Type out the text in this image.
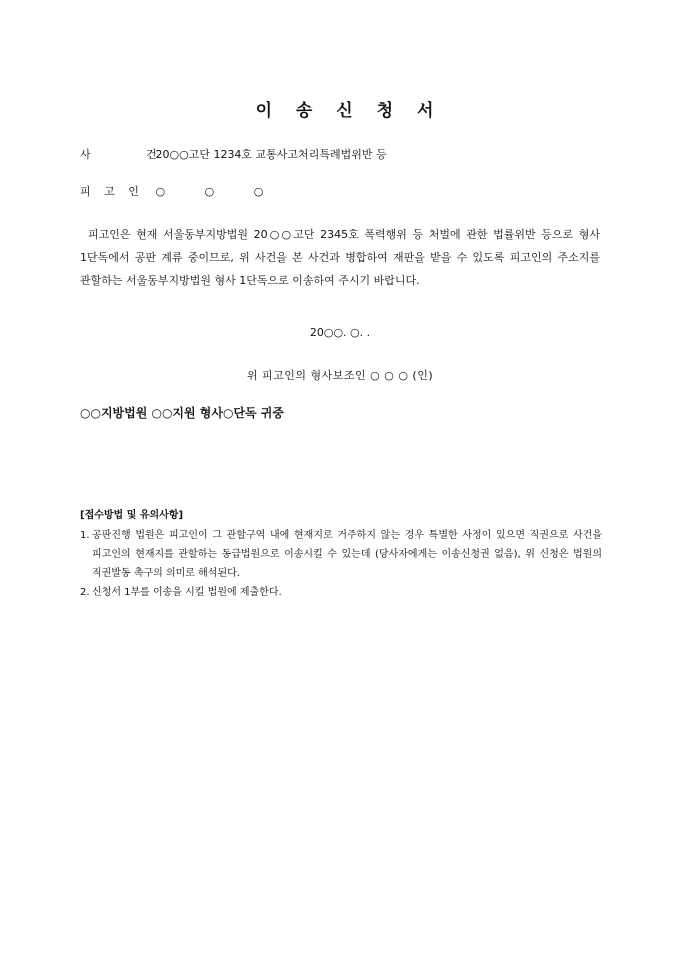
이 송 신 청 서
사 건 20○○고단 1234호 교통사고처리특례법위반 등
피 고 인 ○ ○ ○
피고인은 현재 서울동부지방법원 20○○고단 2345호 폭력행위 등 처벌에 관한 법률위반 등으로 형사 1단독에서 공판 계류 중이므로, 위 사건을 본 사건과 병합하여 재판을 받을 수 있도록 피고인의 주소지를 관할하는 서울동부지방법원 형사 1단독으로 이송하여 주시기 바랍니다.
20○○. ○. .
위 피고인의 형사보조인 ○ ○ ○ (인)
○○지방법원 ○○지원 형사○단독 귀중
[접수방법 및 유의사항]
1. 공판진행 법원은 피고인이 그 관할구역 내에 현재지로 거주하지 않는 경우 특별한 사정이 있으면 직권으로 사건을 피고인의 현재지를 관할하는 동급법원으로 이송시킬 수 있는데 (당사자에게는 이송신청권 없음), 위 신청은 법원의 직권발동 촉구의 의미로 해석된다.
2. 신청서 1부를 이송을 시킬 법원에 제출한다.
